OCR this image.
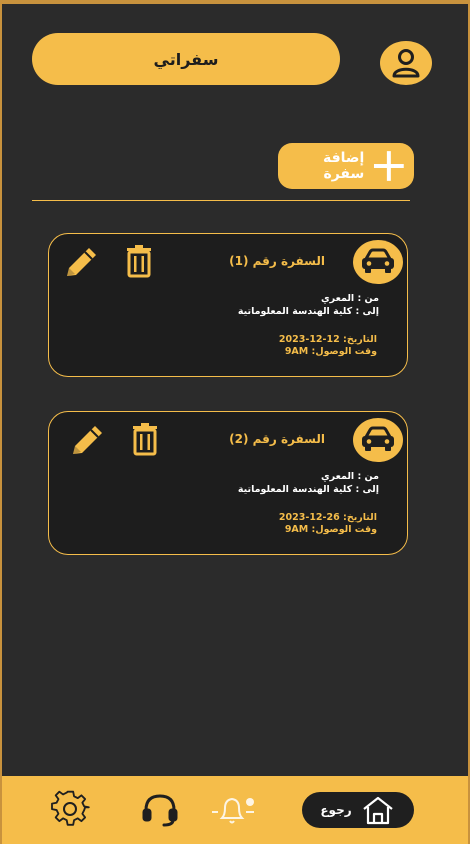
سفراتي
إضافة سفرة
السفرة رقم (1)
من : المعري
إلى : كلية الهندسة المعلوماتية
التاريخ: 12-12-2023
وقت الوصول: 9AM
السفرة رقم (2)
من : المعري
إلى : كلية الهندسة المعلوماتية
التاريخ: 26-12-2023
وقت الوصول: 9AM
رجوع
